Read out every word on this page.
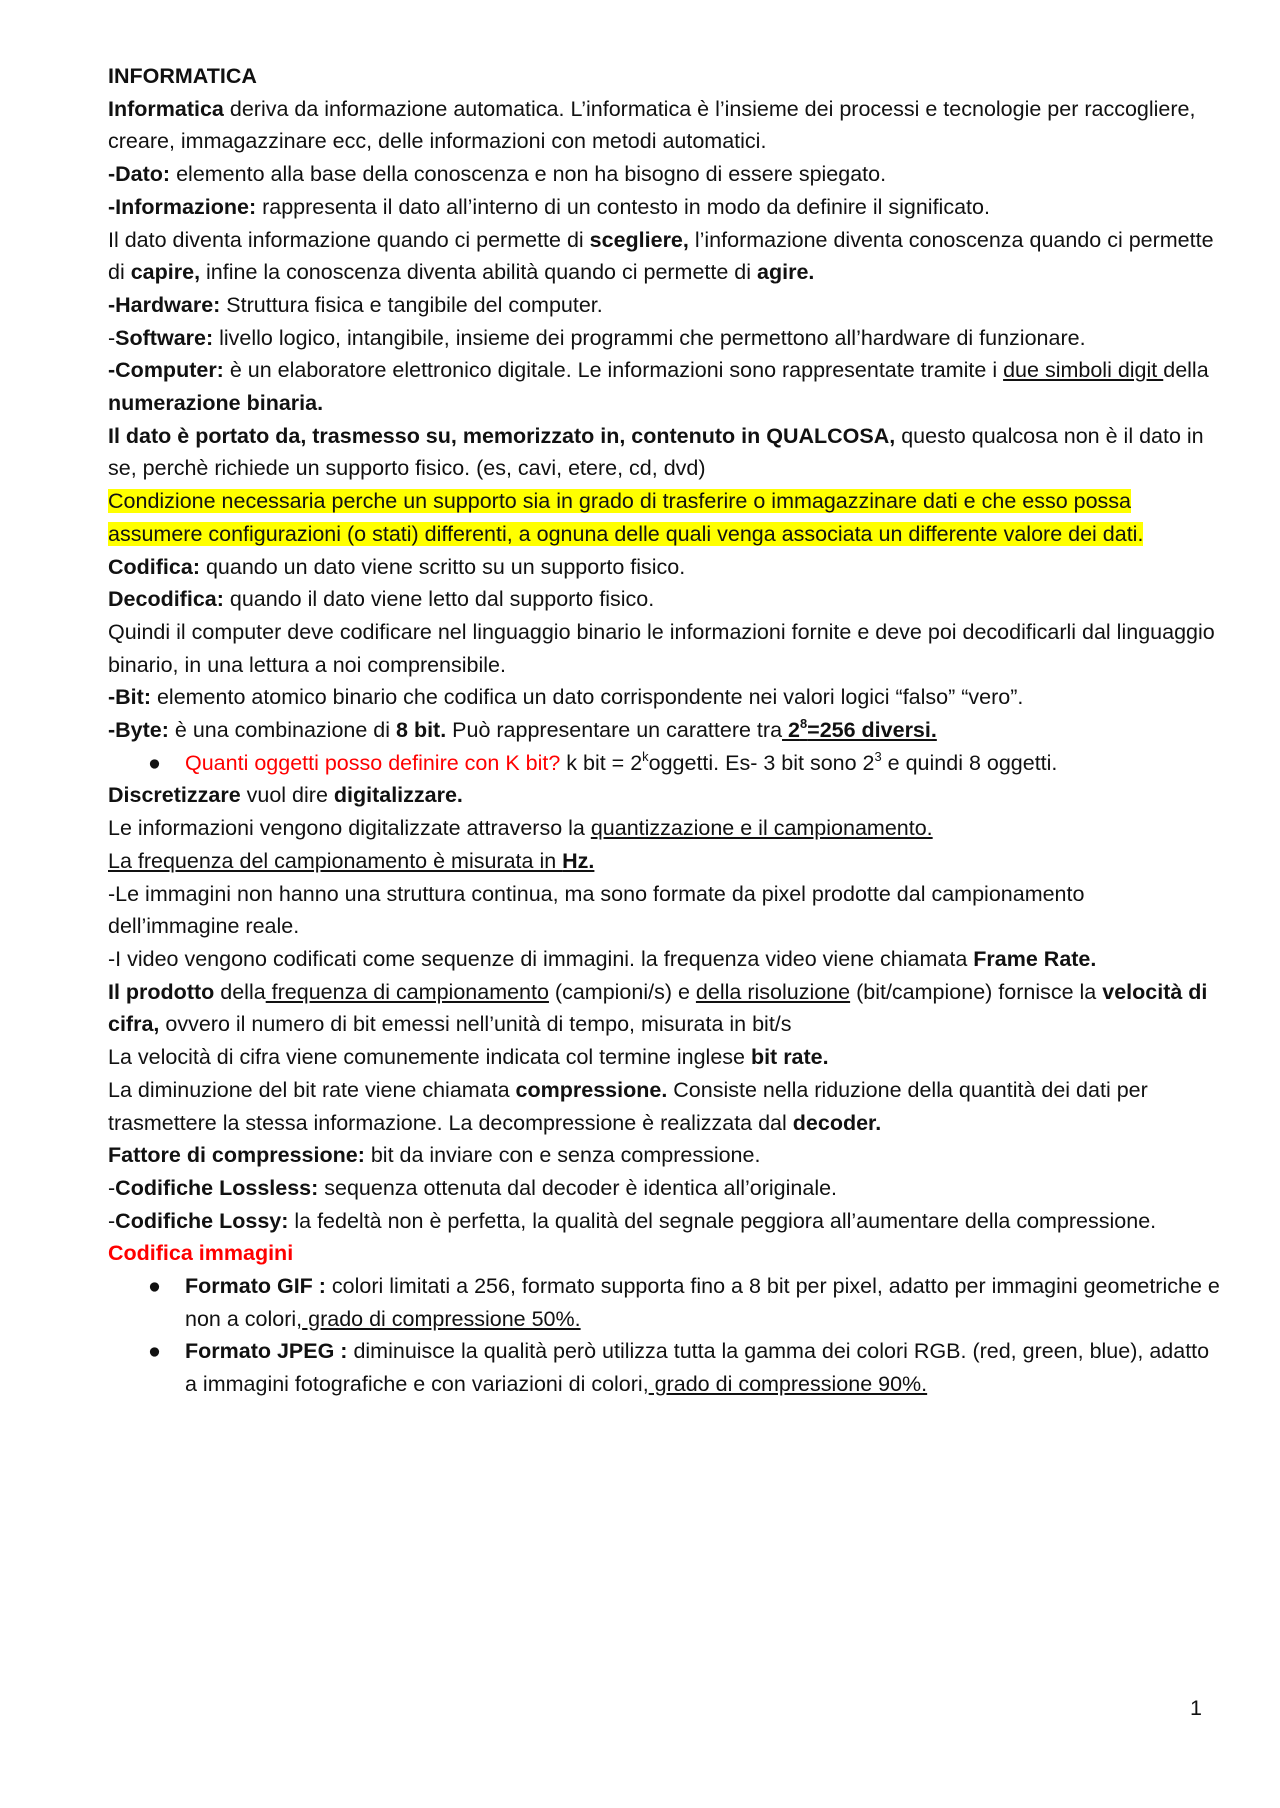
INFORMATICA

Informatica deriva da informazione automatica. L’informatica è l’insieme dei processi e tecnologie per raccogliere, creare, immagazzinare ecc, delle informazioni con metodi automatici.

-Dato: elemento alla base della conoscenza e non ha bisogno di essere spiegato.

-Informazione: rappresenta il dato all’interno di un contesto in modo da definire il significato.

Il dato diventa informazione quando ci permette di scegliere, l’informazione diventa conoscenza quando ci permette di capire, infine la conoscenza diventa abilità quando ci permette di agire.

-Hardware: Struttura fisica e tangibile del computer.

-Software: livello logico, intangibile, insieme dei programmi che permettono all’hardware di funzionare.

-Computer: è un elaboratore elettronico digitale. Le informazioni sono rappresentate tramite i due simboli digit della numerazione binaria.

Il dato è portato da, trasmesso su, memorizzato in, contenuto in QUALCOSA, questo qualcosa non è il dato in se, perchè richiede un supporto fisico. (es, cavi, etere, cd, dvd)

Condizione necessaria perche un supporto sia in grado di trasferire o immagazzinare dati e che esso possa assumere configurazioni (o stati) differenti, a ognuna delle quali venga associata un differente valore dei dati.

Codifica: quando un dato viene scritto su un supporto fisico.

Decodifica: quando il dato viene letto dal supporto fisico.

Quindi il computer deve codificare nel linguaggio binario le informazioni fornite e deve poi decodificarli dal linguaggio binario, in una lettura a noi comprensibile.

-Bit: elemento atomico binario che codifica un dato corrispondente nei valori logici “falso” “vero”.

-Byte: è una combinazione di 8 bit. Può rappresentare un carattere tra $2^8=256$ diversi.

● Quanti oggetti posso definire con K bit? k bit = $2^koggetti$. Es- 3 bit sono $2^3$ e quindi 8 oggetti.

Discretizzare vuol dire digitalizzare.

Le informazioni vengono digitalizzate attraverso la quantizzazione e il campionamento.

La frequenza del campionamento è misurata in Hz.

-Le immagini non hanno una struttura continua, ma sono formate da pixel prodotte dal campionamento dell’immagine reale.

-I video vengono codificati come sequenze di immagini. la frequenza video viene chiamata Frame Rate.

Il prodotto della frequenza di campionamento (campioni/s) e della risoluzione (bit/campione) fornisce la velocità di cifra, ovvero il numero di bit emessi nell’unità di tempo, misurata in bit/s

La velocità di cifra viene comunemente indicata col termine inglese bit rate.

La diminuzione del bit rate viene chiamata compressione. Consiste nella riduzione della quantità dei dati per trasmettere la stessa informazione. La decompressione è realizzata dal decoder.

Fattore di compressione: bit da inviare con e senza compressione.

-Codifiche Lossless: sequenza ottenuta dal decoder è identica all’originale.

-Codifiche Lossy: la fedeltà non è perfetta, la qualità del segnale peggiora all’aumentare della compressione.

Codifica immagini

● Formato GIF : colori limitati a 256, formato supporta fino a 8 bit per pixel, adatto per immagini geometriche e non a colori, grado di compressione 50%.
● Formato JPEG : diminuisce la qualità però utilizza tutta la gamma dei colori RGB. (red, green, blue), adatto a immagini fotografiche e con variazioni di colori, grado di compressione 90%.
1
